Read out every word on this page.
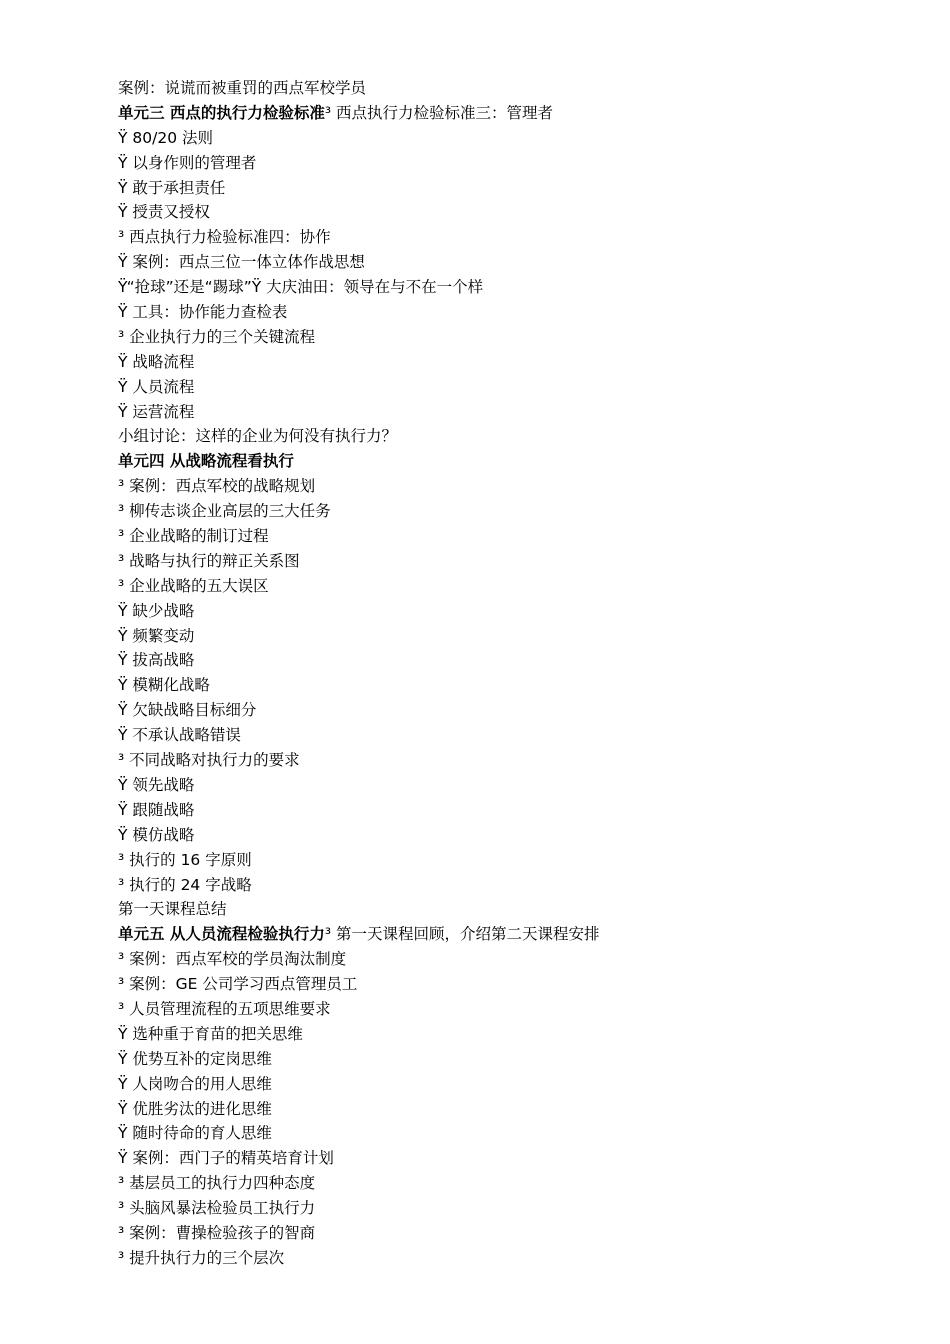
案例：说谎而被重罚的西点军校学员
单元三 西点的执行力检验标准³ 西点执行力检验标准三：管理者
Ÿ 80/20 法则
Ÿ 以身作则的管理者
Ÿ 敢于承担责任
Ÿ 授责又授权
³ 西点执行力检验标准四：协作
Ÿ 案例：西点三位一体立体作战思想
Ÿ“抢球”还是“踢球”Ÿ 大庆油田：领导在与不在一个样
Ÿ 工具：协作能力查检表
³ 企业执行力的三个关键流程
Ÿ 战略流程
Ÿ 人员流程
Ÿ 运营流程
小组讨论：这样的企业为何没有执行力？
单元四 从战略流程看执行
³ 案例：西点军校的战略规划
³ 柳传志谈企业高层的三大任务
³ 企业战略的制订过程
³ 战略与执行的辩正关系图
³ 企业战略的五大误区
Ÿ 缺少战略
Ÿ 频繁变动
Ÿ 拔高战略
Ÿ 模糊化战略
Ÿ 欠缺战略目标细分
Ÿ 不承认战略错误
³ 不同战略对执行力的要求
Ÿ 领先战略
Ÿ 跟随战略
Ÿ 模仿战略
³ 执行的 16 字原则
³ 执行的 24 字战略
第一天课程总结
单元五 从人员流程检验执行力³ 第一天课程回顾，介绍第二天课程安排
³ 案例：西点军校的学员淘汰制度
³ 案例：GE 公司学习西点管理员工
³ 人员管理流程的五项思维要求
Ÿ 选种重于育苗的把关思维
Ÿ 优势互补的定岗思维
Ÿ 人岗吻合的用人思维
Ÿ 优胜劣汰的进化思维
Ÿ 随时待命的育人思维
Ÿ 案例：西门子的精英培育计划
³ 基层员工的执行力四种态度
³ 头脑风暴法检验员工执行力
³ 案例：曹操检验孩子的智商
³ 提升执行力的三个层次
